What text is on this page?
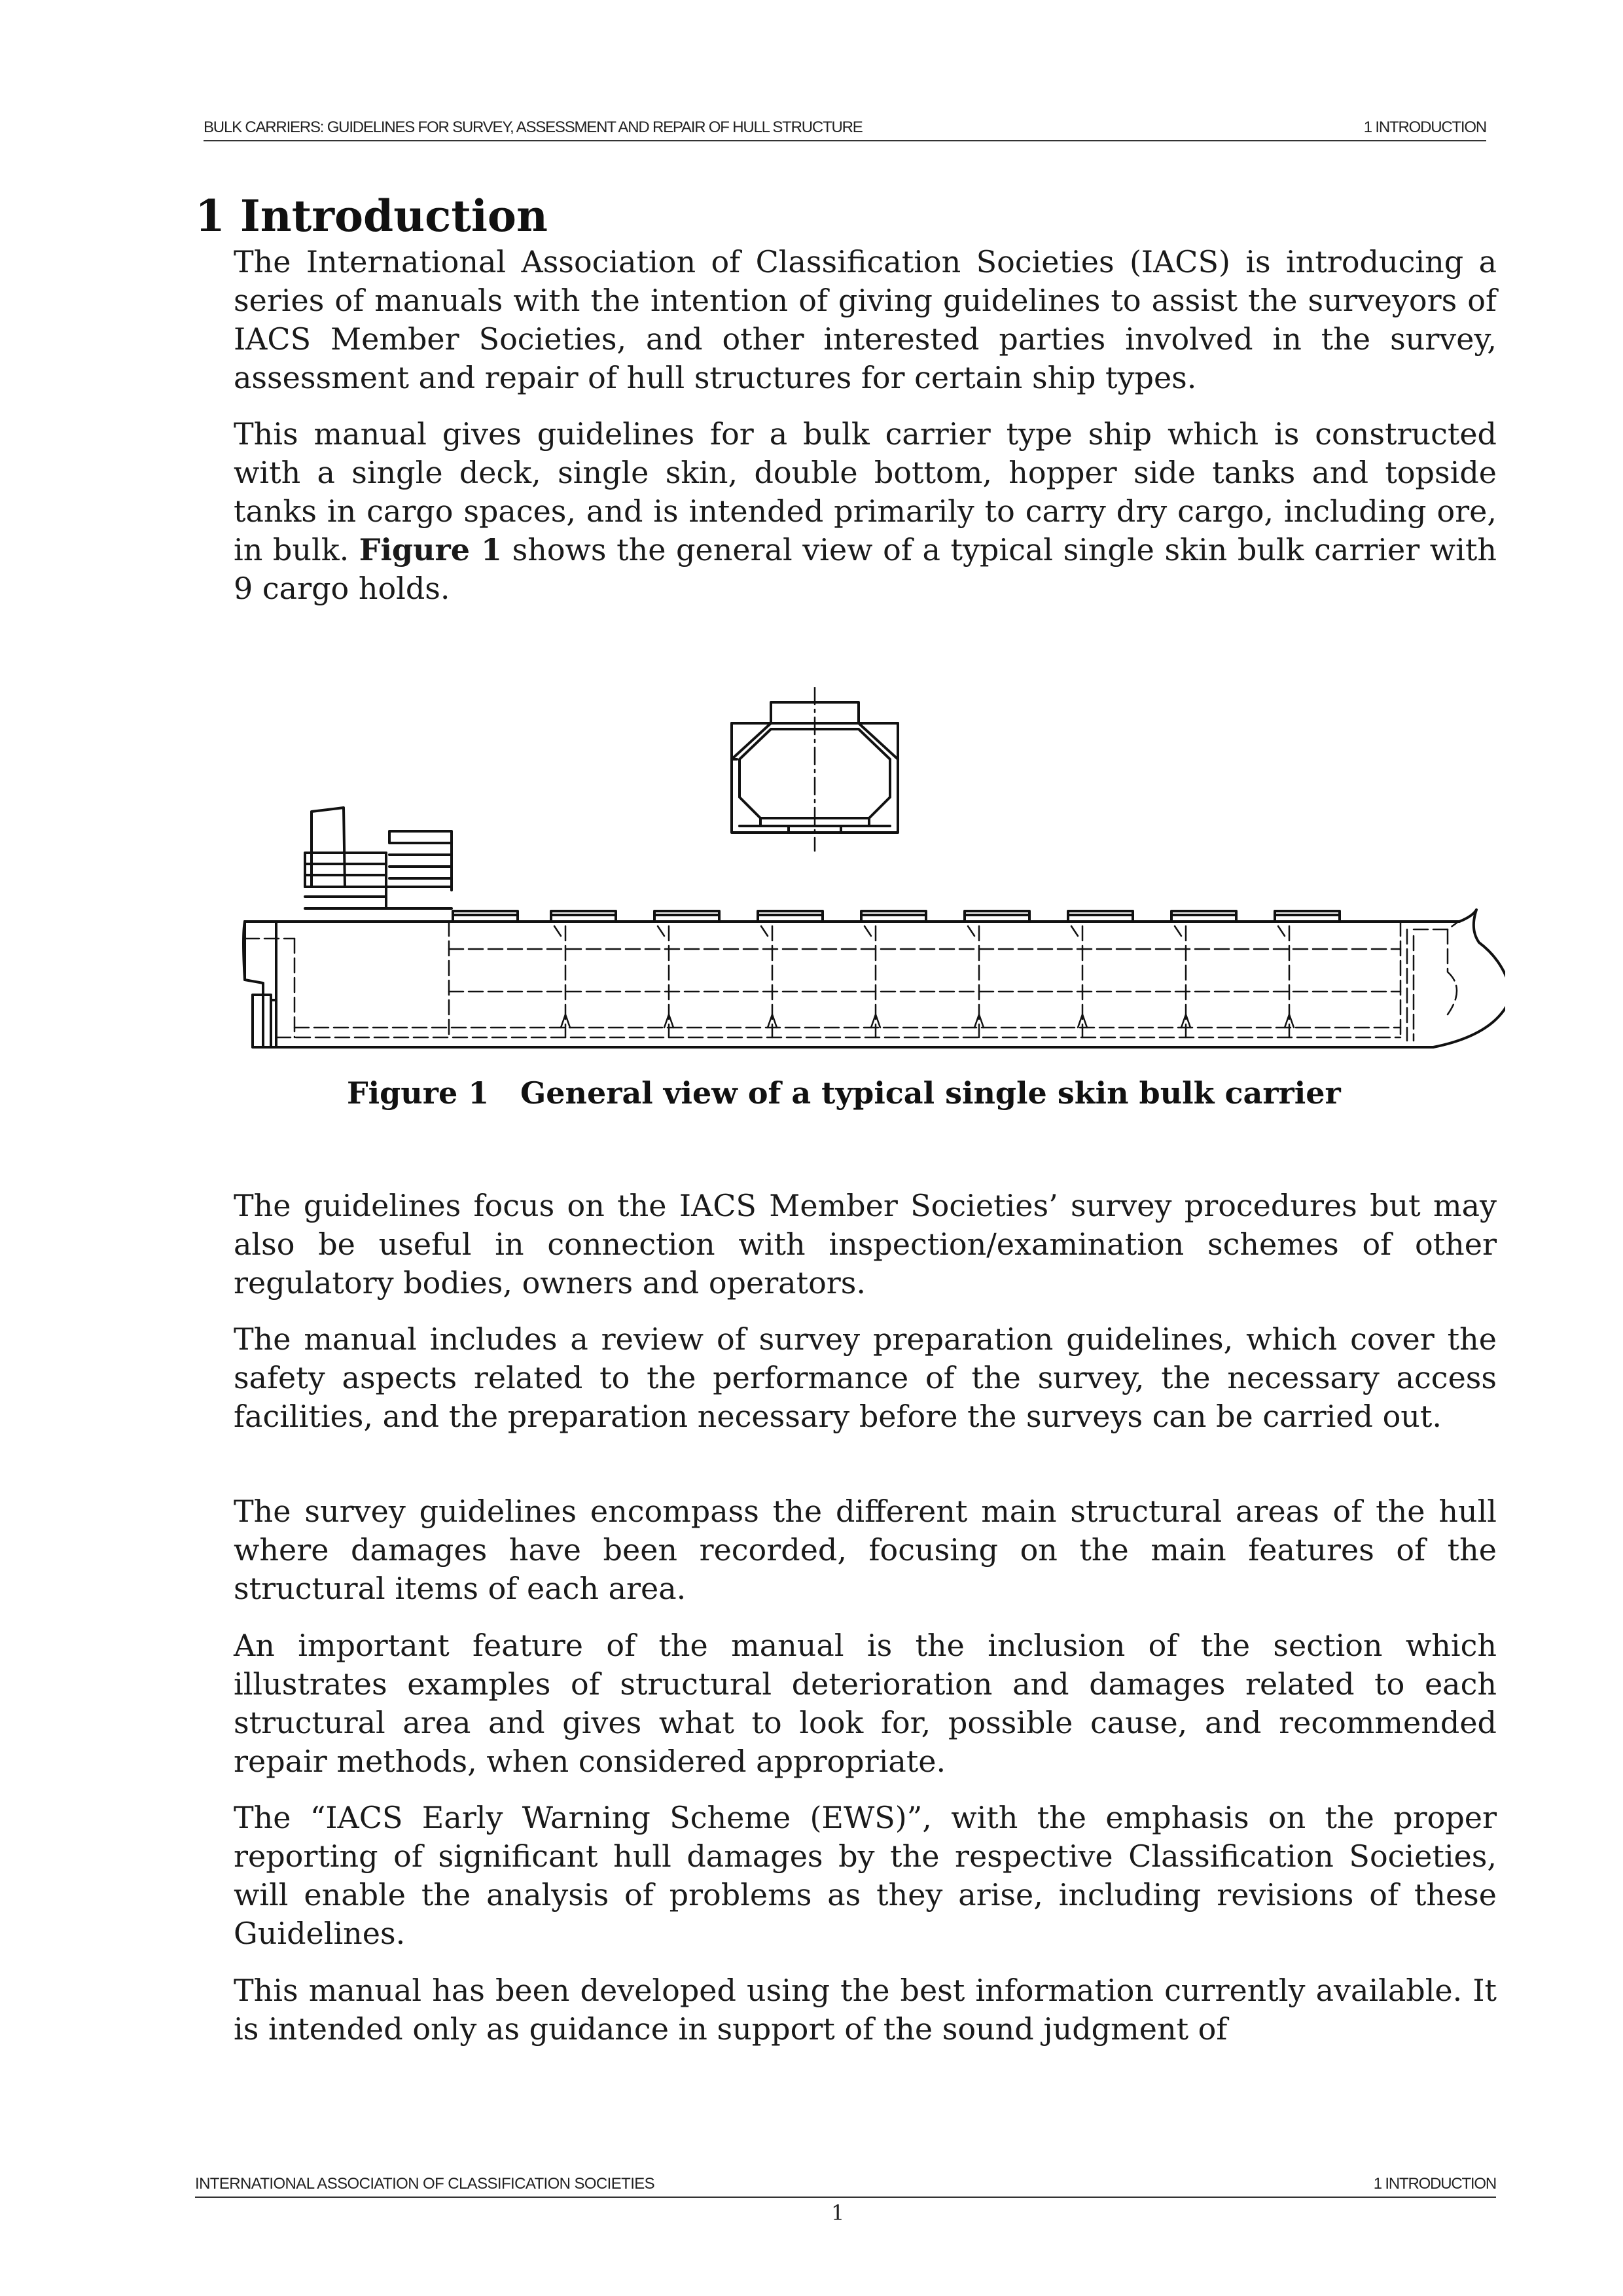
BULK CARRIERS: GUIDELINES FOR SURVEY, ASSESSMENT AND REPAIR OF HULL STRUCTURE	1 INTRODUCTION
1 Introduction

The International Association of Classification Societies (IACS) is introducing a series of manuals with the intention of giving guidelines to assist the surveyors of IACS Member Societies, and other interested parties involved in the survey, assessment and repair of hull structures for certain ship types.

This manual gives guidelines for a bulk carrier type ship which is constructed with a single deck, single skin, double bottom, hopper side tanks and topside tanks in cargo spaces, and is intended primarily to carry dry cargo, including ore, in bulk. Figure 1 shows the general view of a typical single skin bulk carrier with 9 cargo holds.

Figure 1 General view of a typical single skin bulk carrier

The guidelines focus on the IACS Member Societies’ survey procedures but may also be useful in connection with inspection/examination schemes of other regulatory bodies, owners and operators.

The manual includes a review of survey preparation guidelines, which cover the safety aspects related to the performance of the survey, the necessary access facilities, and the preparation necessary before the surveys can be carried out.

The survey guidelines encompass the different main structural areas of the hull where damages have been recorded, focusing on the main features of the structural items of each area.

An important feature of the manual is the inclusion of the section which illustrates examples of structural deterioration and damages related to each structural area and gives what to look for, possible cause, and recommended repair methods, when considered appropriate.

The “IACS Early Warning Scheme (EWS)”, with the emphasis on the proper reporting of significant hull damages by the respective Classification Societies, will enable the analysis of problems as they arise, including revisions of these Guidelines.

This manual has been developed using the best information currently available. It is intended only as guidance in support of the sound judgment of

INTERNATIONAL ASSOCIATION OF CLASSIFICATION SOCIETIES	1 INTRODUCTION
1
